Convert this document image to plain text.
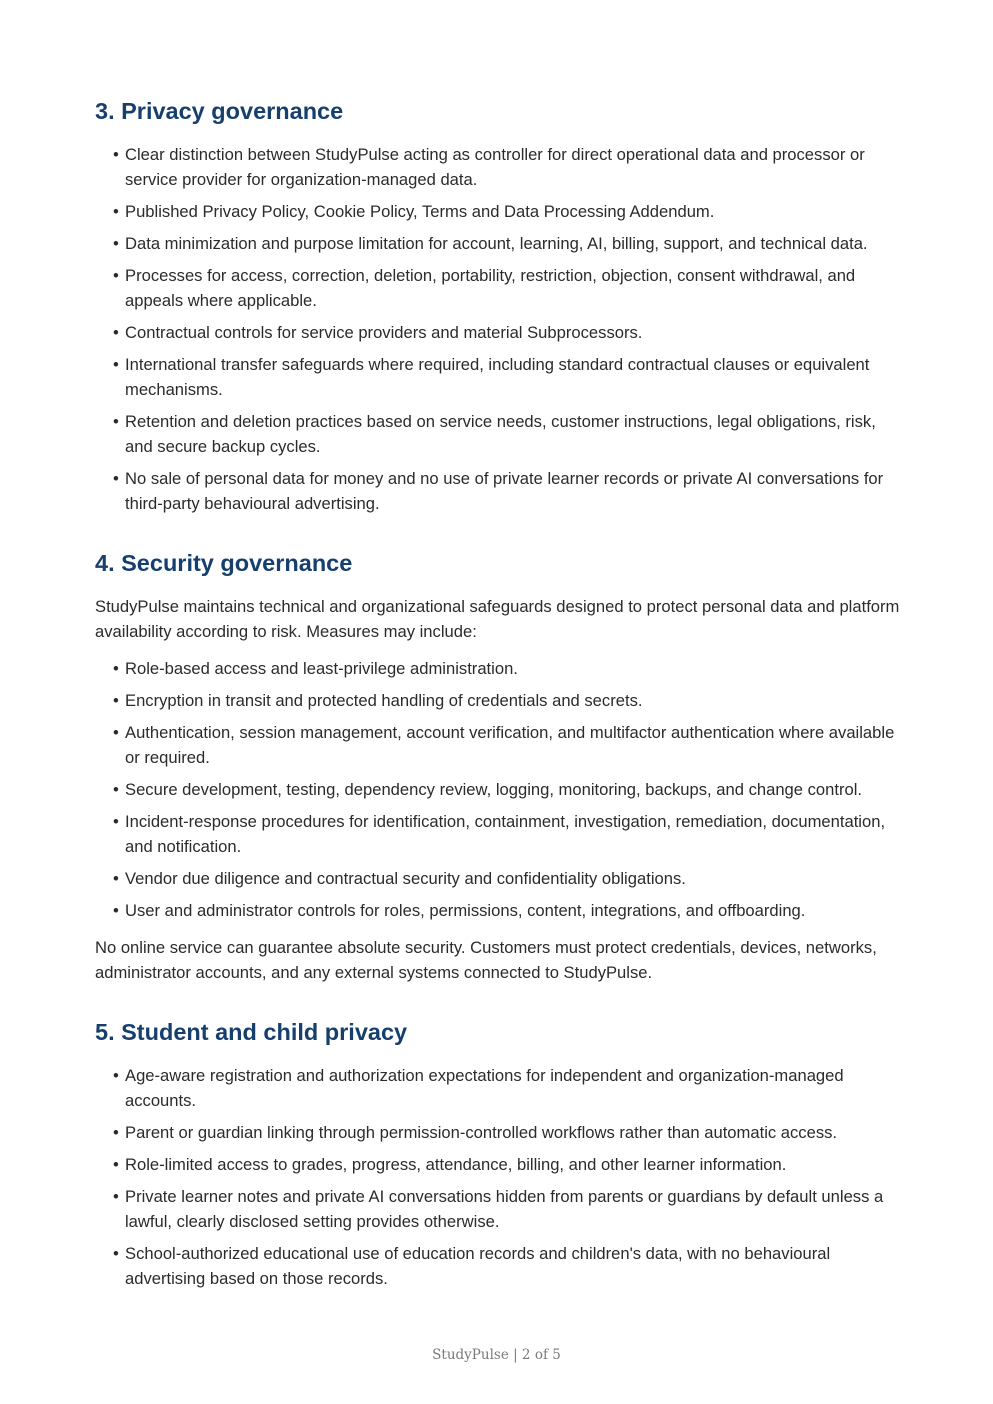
3. Privacy governance
• Clear distinction between StudyPulse acting as controller for direct operational data and processor or service provider for organization-managed data.
• Published Privacy Policy, Cookie Policy, Terms and Data Processing Addendum.
• Data minimization and purpose limitation for account, learning, AI, billing, support, and technical data.
• Processes for access, correction, deletion, portability, restriction, objection, consent withdrawal, and appeals where applicable.
• Contractual controls for service providers and material Subprocessors.
• International transfer safeguards where required, including standard contractual clauses or equivalent mechanisms.
• Retention and deletion practices based on service needs, customer instructions, legal obligations, risk, and secure backup cycles.
• No sale of personal data for money and no use of private learner records or private AI conversations for third-party behavioural advertising.
4. Security governance

StudyPulse maintains technical and organizational safeguards designed to protect personal data and platform availability according to risk. Measures may include:

• Role-based access and least-privilege administration.
• Encryption in transit and protected handling of credentials and secrets.
• Authentication, session management, account verification, and multifactor authentication where available or required.
• Secure development, testing, dependency review, logging, monitoring, backups, and change control.
• Incident-response procedures for identification, containment, investigation, remediation, documentation, and notification.
• Vendor due diligence and contractual security and confidentiality obligations.
• User and administrator controls for roles, permissions, content, integrations, and offboarding.

No online service can guarantee absolute security. Customers must protect credentials, devices, networks, administrator accounts, and any external systems connected to StudyPulse.

5. Student and child privacy
• Age-aware registration and authorization expectations for independent and organization-managed accounts.
• Parent or guardian linking through permission-controlled workflows rather than automatic access.
• Role-limited access to grades, progress, attendance, billing, and other learner information.
• Private learner notes and private AI conversations hidden from parents or guardians by default unless a lawful, clearly disclosed setting provides otherwise.
• School-authorized educational use of education records and children's data, with no behavioural advertising based on those records.
StudyPulse | 2 of 5
